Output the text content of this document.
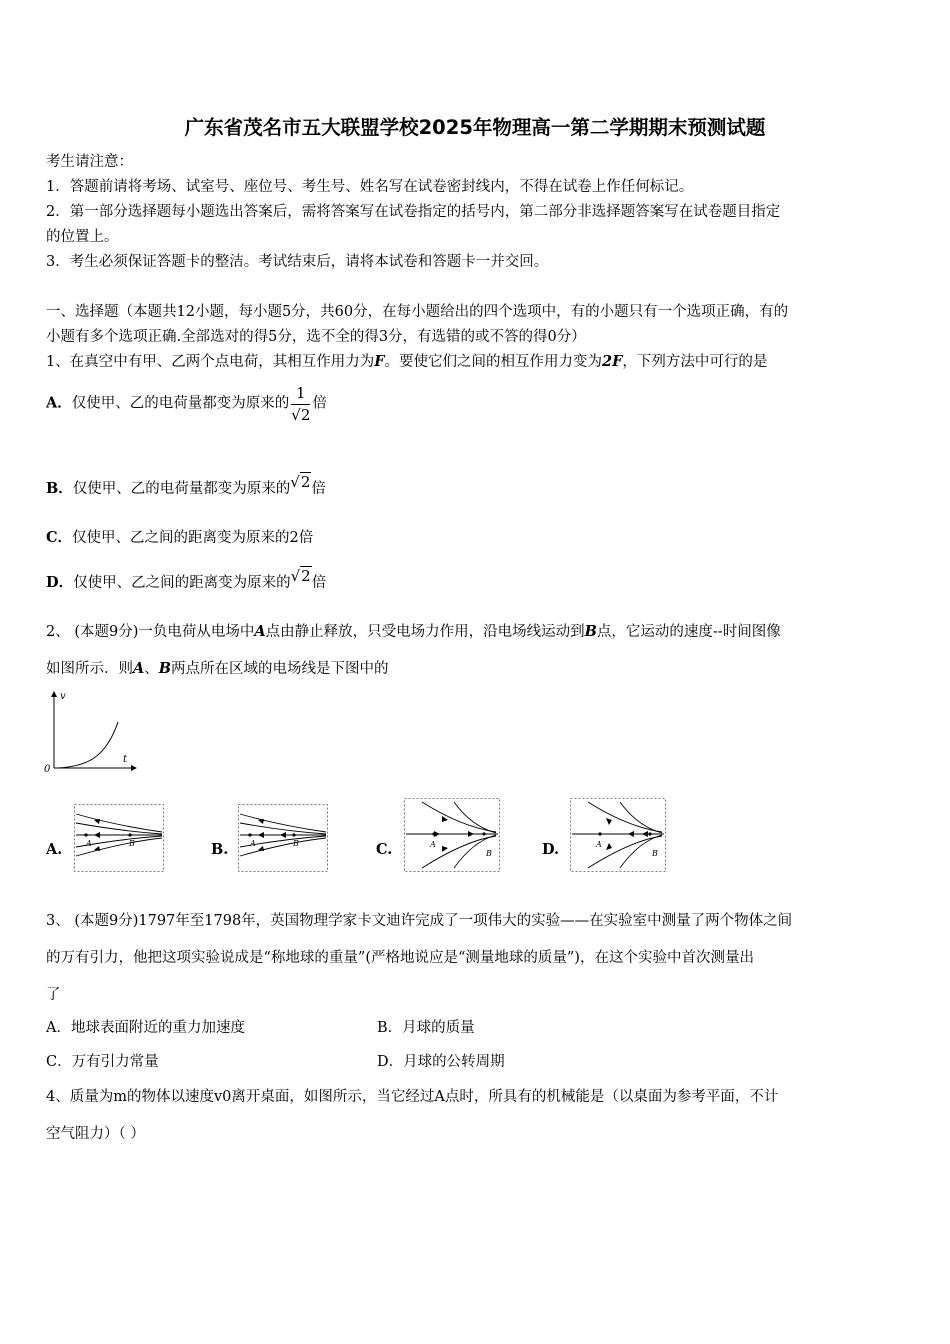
广东省茂名市五大联盟学校2025年物理高一第二学期期末预测试题
考生请注意：
1．答题前请将考场、试室号、座位号、考生号、姓名写在试卷密封线内，不得在试卷上作任何标记。
2．第一部分选择题每小题选出答案后，需将答案写在试卷指定的括号内，第二部分非选择题答案写在试卷题目指定
的位置上。
3．考生必须保证答题卡的整洁。考试结束后，请将本试卷和答题卡一并交回。
一、选择题（本题共12小题，每小题5分，共60分，在每小题给出的四个选项中，有的小题只有一个选项正确，有的
小题有多个选项正确.全部选对的得5分，选不全的得3分，有选错的或不答的得0分）
1、在真空中有甲、乙两个点电荷，其相互作用力为F。要使它们之间的相互作用力变为2F，下列方法中可行的是
A．仅使甲、乙的电荷量都变为原来的 $\frac{1}{√2}$ 倍
B．仅使甲、乙的电荷量都变为原来的√2倍
C．仅使甲、乙之间的距离变为原来的2倍
D．仅使甲、乙之间的距离变为原来的√2倍
2、 (本题9分)一负电荷从电场中A点由静止释放，只受电场力作用，沿电场线运动到B点，它运动的速度--时间图像
如图所示．则A、B两点所在区域的电场线是下图中的
v
t
0
A.	B.	C.	D.
A	B	A	B	A
B
A
B
3、 (本题9分)1797年至1798年，英国物理学家卡文迪许完成了一项伟大的实验——在实验室中测量了两个物体之间
的万有引力，他把这项实验说成是“称地球的重量”(严格地说应是“测量地球的质量”)，在这个实验中首次测量出
了
A．地球表面附近的重力加速度	B．月球的质量
C．万有引力常量	D．月球的公转周期
4、质量为m的物体以速度v0离开桌面，如图所示，当它经过A点时，所具有的机械能是（以桌面为参考平面，不计
空气阻力）（ ）
